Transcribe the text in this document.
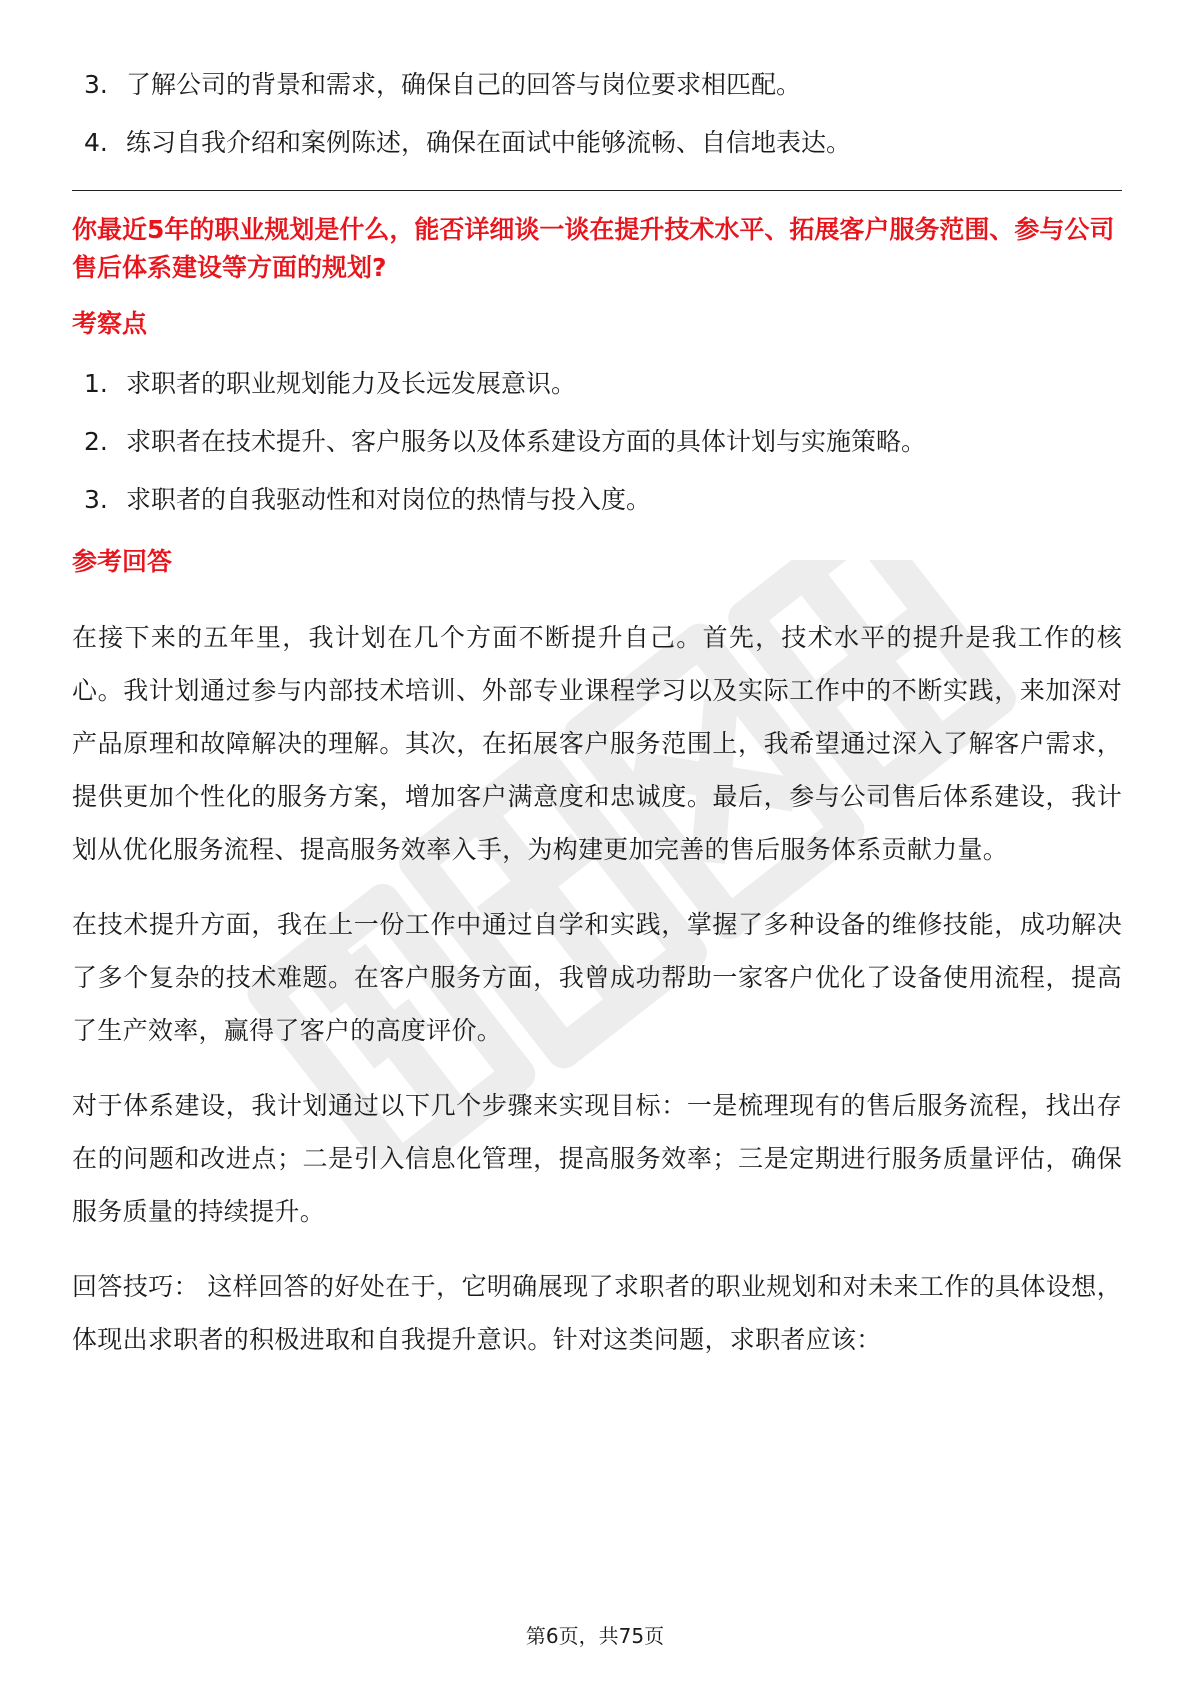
3. 了解公司的背景和需求，确保自己的回答与岗位要求相匹配。
4. 练习自我介绍和案例陈述，确保在面试中能够流畅、自信地表达。
你最近5年的职业规划是什么，能否详细谈一谈在提升技术水平、拓展客户服务范围、参与公司售后体系建设等方面的规划?
考察点
1. 求职者的职业规划能力及长远发展意识。
2. 求职者在技术提升、客户服务以及体系建设方面的具体计划与实施策略。
3. 求职者的自我驱动性和对岗位的热情与投入度。
参考回答

在接下来的五年里，我计划在几个方面不断提升自己。首先，技术水平的提升是我工作的核心。我计划通过参与内部技术培训、外部专业课程学习以及实际工作中的不断实践，来加深对产品原理和故障解决的理解。其次，在拓展客户服务范围上，我希望通过深入了解客户需求，提供更加个性化的服务方案，增加客户满意度和忠诚度。最后，参与公司售后体系建设，我计划从优化服务流程、提高服务效率入手，为构建更加完善的售后服务体系贡献力量。

在技术提升方面，我在上一份工作中通过自学和实践，掌握了多种设备的维修技能，成功解决了多个复杂的技术难题。在客户服务方面，我曾成功帮助一家客户优化了设备使用流程，提高了生产效率，赢得了客户的高度评价。

对于体系建设，我计划通过以下几个步骤来实现目标：一是梳理现有的售后服务流程，找出存在的问题和改进点；二是引入信息化管理，提高服务效率；三是定期进行服务质量评估，确保服务质量的持续提升。

回答技巧： 这样回答的好处在于，它明确展现了求职者的职业规划和对未来工作的具体设想，体现出求职者的积极进取和自我提升意识。针对这类问题，求职者应该：

第6页，共75页
